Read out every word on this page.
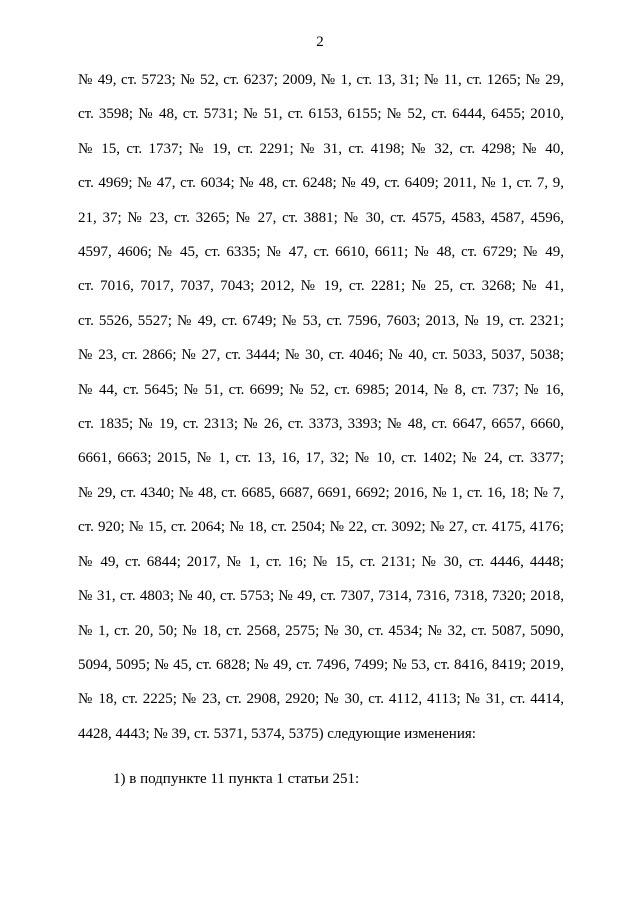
2
№ 49, ст. 5723; № 52, ст. 6237; 2009, № 1, ст. 13, 31; № 11, ст. 1265; № 29,
ст. 3598; № 48, ст. 5731; № 51, ст. 6153, 6155; № 52, ст. 6444, 6455; 2010,
№ 15, ст. 1737; № 19, ст. 2291; № 31, ст. 4198; № 32, ст. 4298; № 40,
ст. 4969; № 47, ст. 6034; № 48, ст. 6248; № 49, ст. 6409; 2011, № 1, ст. 7, 9,
21, 37; № 23, ст. 3265; № 27, ст. 3881; № 30, ст. 4575, 4583, 4587, 4596,
4597, 4606; № 45, ст. 6335; № 47, ст. 6610, 6611; № 48, ст. 6729; № 49,
ст. 7016, 7017, 7037, 7043; 2012, № 19, ст. 2281; № 25, ст. 3268; № 41,
ст. 5526, 5527; № 49, ст. 6749; № 53, ст. 7596, 7603; 2013, № 19, ст. 2321;
№ 23, ст. 2866; № 27, ст. 3444; № 30, ст. 4046; № 40, ст. 5033, 5037, 5038;
№ 44, ст. 5645; № 51, ст. 6699; № 52, ст. 6985; 2014, № 8, ст. 737; № 16,
ст. 1835; № 19, ст. 2313; № 26, ст. 3373, 3393; № 48, ст. 6647, 6657, 6660,
6661, 6663; 2015, № 1, ст. 13, 16, 17, 32; № 10, ст. 1402; № 24, ст. 3377;
№ 29, ст. 4340; № 48, ст. 6685, 6687, 6691, 6692; 2016, № 1, ст. 16, 18; № 7,
ст. 920; № 15, ст. 2064; № 18, ст. 2504; № 22, ст. 3092; № 27, ст. 4175, 4176;
№ 49, ст. 6844; 2017, № 1, ст. 16; № 15, ст. 2131; № 30, ст. 4446, 4448;
№ 31, ст. 4803; № 40, ст. 5753; № 49, ст. 7307, 7314, 7316, 7318, 7320; 2018,
№ 1, ст. 20, 50; № 18, ст. 2568, 2575; № 30, ст. 4534; № 32, ст. 5087, 5090,
5094, 5095; № 45, ст. 6828; № 49, ст. 7496, 7499; № 53, ст. 8416, 8419; 2019,
№ 18, ст. 2225; № 23, ст. 2908, 2920; № 30, ст. 4112, 4113; № 31, ст. 4414,
4428, 4443; № 39, ст. 5371, 5374, 5375) следующие изменения:
1) в подпункте 11 пункта 1 статьи 251:
